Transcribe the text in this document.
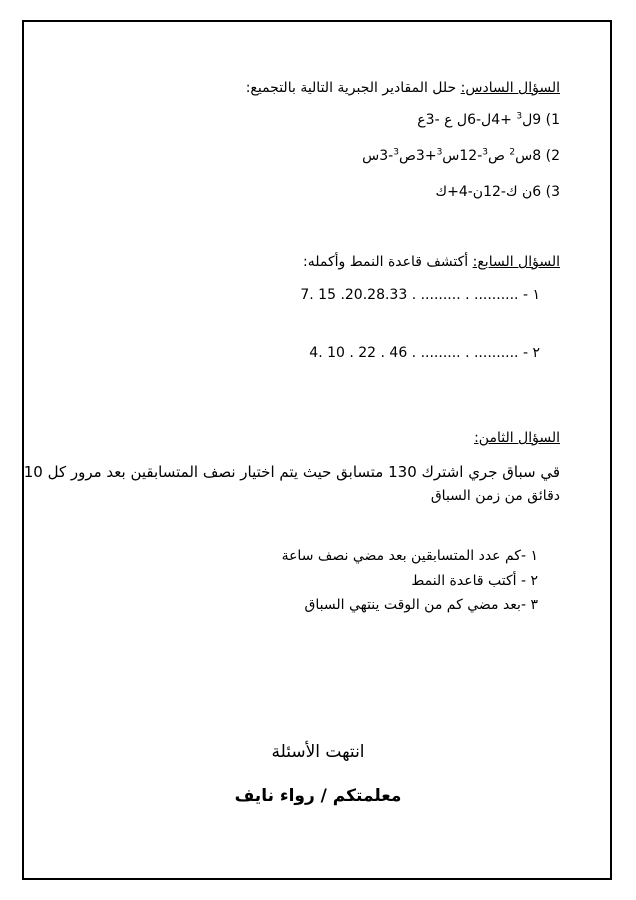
السؤال السادس: حلل المقادير الجبرية التالية بالتجميع:
1) 9ل$^3$ +4ل-6ل ع -3ع
2) 8س$^2$ ص$^3$-12س$^3$+3ص$^3$-3س
3) 6ن ك-12ن-4+ك
السؤال السابع: أكتشف قاعدة النمط وأكمله:
١ - 7. 15 .20.28.33 . ......... . ..........
٢ - 4. 10 . 22 . 46 . ......... . ..........
السؤال الثامن:
قي سباق جري اشترك 130 متسابق حيث يتم اختيار نصف المتسابقين بعد مرور كل 10
دقائق من زمن السباق
١ -كم عدد المتسابقين بعد مضي نصف ساعة
٢ - أكتب قاعدة النمط
٣ -بعد مضي كم من الوقت ينتهي السباق
انتهت الأسئلة
معلمتكم / رواء نايف
